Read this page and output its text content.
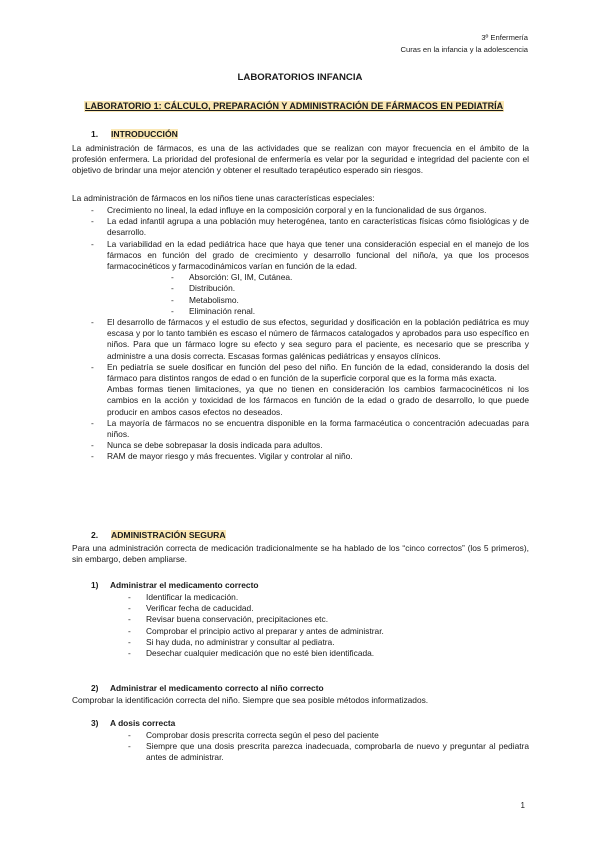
3º Enfermería
Curas en la infancia y la adolescencia
LABORATORIOS INFANCIA
LABORATORIO 1: CÁLCULO, PREPARACIÓN Y ADMINISTRACIÓN DE FÁRMACOS EN PEDIATRÍA
1. INTRODUCCIÓN
La administración de fármacos, es una de las actividades que se realizan con mayor frecuencia en el ámbito de la profesión enfermera. La prioridad del profesional de enfermería es velar por la seguridad e integridad del paciente con el objetivo de brindar una mejor atención y obtener el resultado terapéutico esperado sin riesgos.
La administración de fármacos en los niños tiene unas características especiales:
- Crecimiento no lineal, la edad influye en la composición corporal y en la funcionalidad de sus órganos.
- La edad infantil agrupa a una población muy heterogénea, tanto en características físicas cómo fisiológicas y de desarrollo.
- La variabilidad en la edad pediátrica hace que haya que tener una consideración especial en el manejo de los fármacos en función del grado de crecimiento y desarrollo funcional del niño/a, ya que los procesos farmacocinéticos y farmacodinámicos varían en función de la edad.
- Absorción: GI, IM, Cutánea.
- Distribución.
- Metabolismo.
- Eliminación renal.
- El desarrollo de fármacos y el estudio de sus efectos, seguridad y dosificación en la población pediátrica es muy escasa y por lo tanto también es escaso el número de fármacos catalogados y aprobados para uso específico en niños. Para que un fármaco logre su efecto y sea seguro para el paciente, es necesario que se prescriba y administre a una dosis correcta. Escasas formas galénicas pediátricas y ensayos clínicos.
- En pediatría se suele dosificar en función del peso del niño. En función de la edad, considerando la dosis del fármaco para distintos rangos de edad o en función de la superficie corporal que es la forma más exacta.
Ambas formas tienen limitaciones, ya que no tienen en consideración los cambios farmacocinéticos ni los cambios en la acción y toxicidad de los fármacos en función de la edad o grado de desarrollo, lo que puede producir en ambos casos efectos no deseados.
- La mayoría de fármacos no se encuentra disponible en la forma farmacéutica o concentración adecuadas para niños.
- Nunca se debe sobrepasar la dosis indicada para adultos.
- RAM de mayor riesgo y más frecuentes. Vigilar y controlar al niño.
2. ADMINISTRACIÓN SEGURA
Para una administración correcta de medicación tradicionalmente se ha hablado de los “cinco correctos” (los 5 primeros), sin embargo, deben ampliarse.
1) Administrar el medicamento correcto
- Identificar la medicación.
- Verificar fecha de caducidad.
- Revisar buena conservación, precipitaciones etc.
- Comprobar el principio activo al preparar y antes de administrar.
- Si hay duda, no administrar y consultar al pediatra.
- Desechar cualquier medicación que no esté bien identificada.
2) Administrar el medicamento correcto al niño correcto
Comprobar la identificación correcta del niño. Siempre que sea posible métodos informatizados.
3) A dosis correcta
- Comprobar dosis prescrita correcta según el peso del paciente
- Siempre que una dosis prescrita parezca inadecuada, comprobarla de nuevo y preguntar al pediatra antes de administrar.
1
